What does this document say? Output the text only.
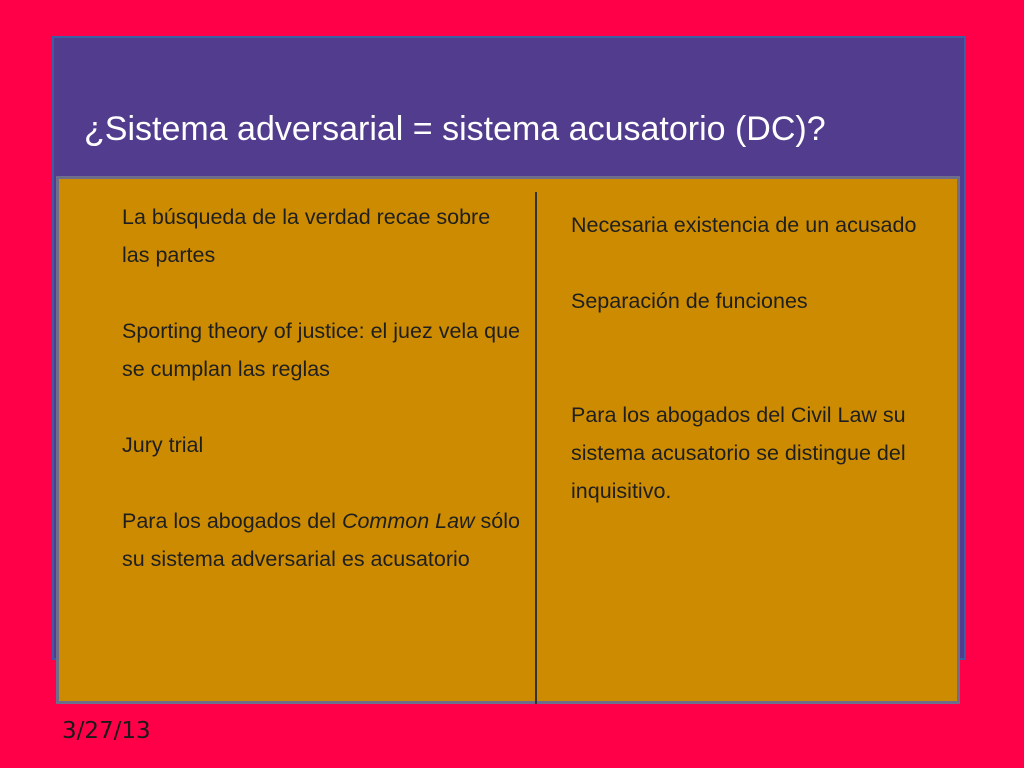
¿Sistema adversarial = sistema acusatorio (DC)?

La búsqueda de la verdad recae sobre las partes

Sporting theory of justice: el juez vela que se cumplan las reglas

Jury trial

Para los abogados del Common Law sólo su sistema adversarial es acusatorio

Necesaria existencia de un acusado

Separación de funciones

Para los abogados del Civil Law su sistema acusatorio se distingue del inquisitivo.

3/27/13
